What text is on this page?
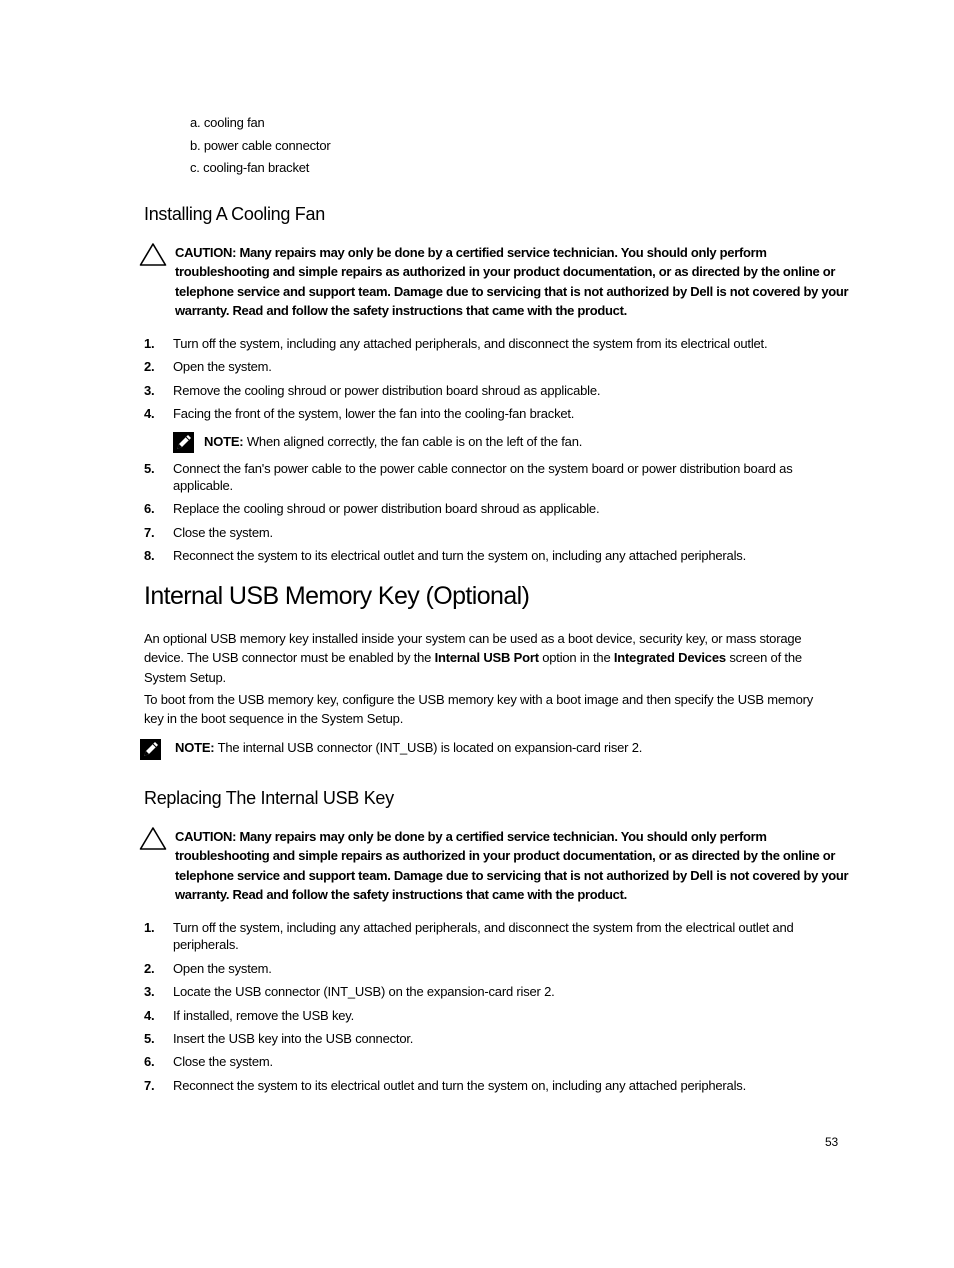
a. cooling fan
b. power cable connector
c. cooling-fan bracket
Installing A Cooling Fan
CAUTION: Many repairs may only be done by a certified service technician. You should only perform
troubleshooting and simple repairs as authorized in your product documentation, or as directed by the online or
telephone service and support team. Damage due to servicing that is not authorized by Dell is not covered by your
warranty. Read and follow the safety instructions that came with the product.
1. Turn off the system, including any attached peripherals, and disconnect the system from its electrical outlet.
2. Open the system.
3. Remove the cooling shroud or power distribution board shroud as applicable.
4. Facing the front of the system, lower the fan into the cooling-fan bracket.
NOTE: When aligned correctly, the fan cable is on the left of the fan.
5. Connect the fan's power cable to the power cable connector on the system board or power distribution board as
applicable.
6. Replace the cooling shroud or power distribution board shroud as applicable.
7. Close the system.
8. Reconnect the system to its electrical outlet and turn the system on, including any attached peripherals.
Internal USB Memory Key (Optional)
An optional USB memory key installed inside your system can be used as a boot device, security key, or mass storage
device. The USB connector must be enabled by the Internal USB Port option in the Integrated Devices screen of the
System Setup.
To boot from the USB memory key, configure the USB memory key with a boot image and then specify the USB memory
key in the boot sequence in the System Setup.
NOTE: The internal USB connector (INT_USB) is located on expansion-card riser 2.
Replacing The Internal USB Key
CAUTION: Many repairs may only be done by a certified service technician. You should only perform
troubleshooting and simple repairs as authorized in your product documentation, or as directed by the online or
telephone service and support team. Damage due to servicing that is not authorized by Dell is not covered by your
warranty. Read and follow the safety instructions that came with the product.
1. Turn off the system, including any attached peripherals, and disconnect the system from the electrical outlet and
peripherals.
2. Open the system.
3. Locate the USB connector (INT_USB) on the expansion-card riser 2.
4. If installed, remove the USB key.
5. Insert the USB key into the USB connector.
6. Close the system.
7. Reconnect the system to its electrical outlet and turn the system on, including any attached peripherals.
53
